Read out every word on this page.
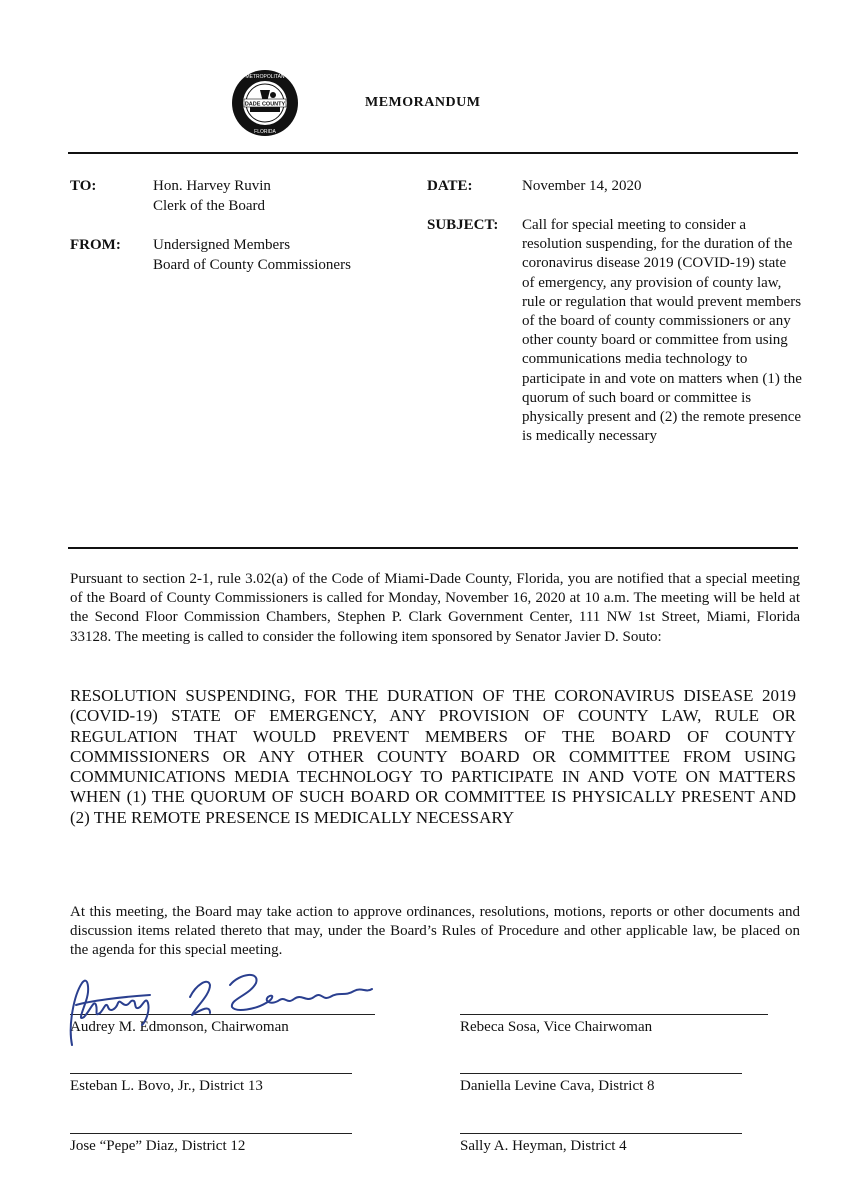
DADE COUNTY
METROPOLITAN
FLORIDA
MEMORANDUM
TO:	Hon. Harvey Ruvin
Clerk of the Board
FROM: Undersigned Members
Board of County Commissioners
DATE:	November 14, 2020
SUBJECT: Call for special meeting to consider a resolution suspending, for the duration of the coronavirus disease 2019 (COVID-19) state of emergency, any provision of county law, rule or regulation that would prevent members of the board of county commissioners or any other county board or committee from using communications media technology to participate in and vote on matters when (1) the quorum of such board or committee is physically present and (2) the remote presence is medically necessary
Pursuant to section 2-1, rule 3.02(a) of the Code of Miami-Dade County, Florida, you are notified that a special meeting of the Board of County Commissioners is called for Monday, November 16, 2020 at 10 a.m. The meeting will be held at the Second Floor Commission Chambers, Stephen P. Clark Government Center, 111 NW 1st Street, Miami, Florida 33128. The meeting is called to consider the following item sponsored by Senator Javier D. Souto:
RESOLUTION SUSPENDING, FOR THE DURATION OF THE CORONAVIRUS DISEASE 2019 (COVID-19) STATE OF EMERGENCY, ANY PROVISION OF COUNTY LAW, RULE OR REGULATION THAT WOULD PREVENT MEMBERS OF THE BOARD OF COUNTY COMMISSIONERS OR ANY OTHER COUNTY BOARD OR COMMITTEE FROM USING COMMUNICATIONS MEDIA TECHNOLOGY TO PARTICIPATE IN AND VOTE ON MATTERS WHEN (1) THE QUORUM OF SUCH BOARD OR COMMITTEE IS PHYSICALLY PRESENT AND (2) THE REMOTE PRESENCE IS MEDICALLY NECESSARY
At this meeting, the Board may take action to approve ordinances, resolutions, motions, reports or other documents and discussion items related thereto that may, under the Board’s Rules of Procedure and other applicable law, be placed on the agenda for this special meeting.
Audrey M. Edmonson, Chairwoman	Rebeca Sosa, Vice Chairwoman
Esteban L. Bovo, Jr., District 13	Daniella Levine Cava, District 8
Jose “Pepe” Diaz, District 12	Sally A. Heyman, District 4
Audrey M. Edmonson
